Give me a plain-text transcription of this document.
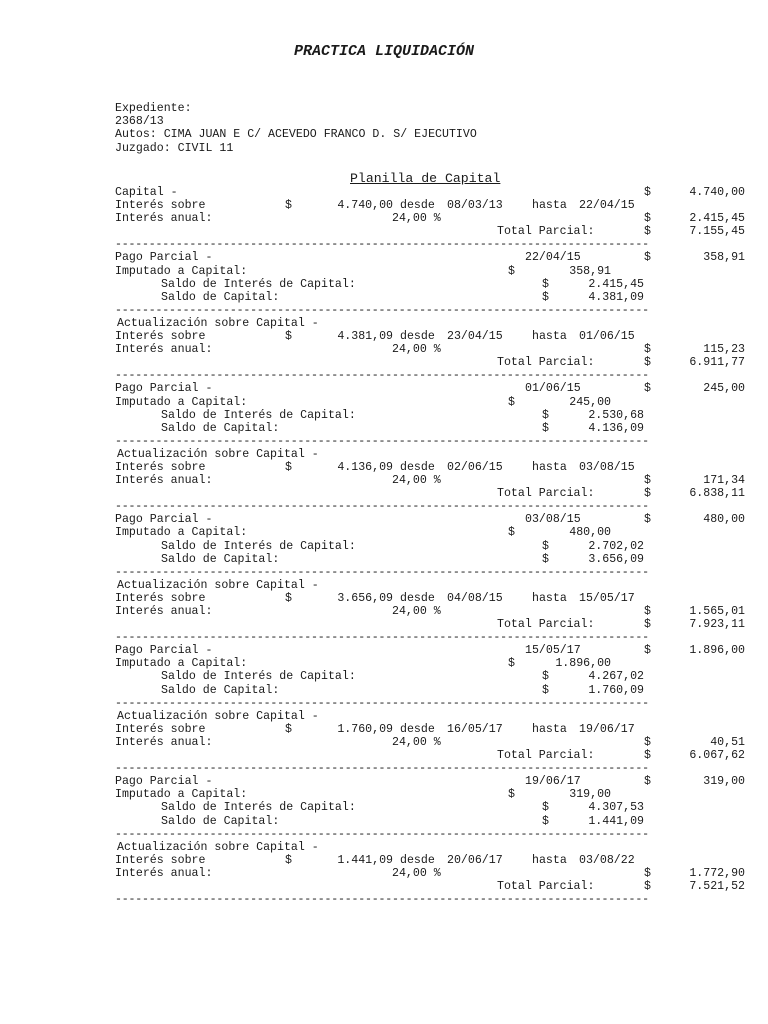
PRACTICA LIQUIDACIÓN
Expediente:
2368/13
Autos: CIMA JUAN E C/ ACEVEDO FRANCO D. S/ EJECUTIVO
Juzgado: CIVIL 11
Planilla de Capital
Capital -	$	4.740,00
Interés sobre	$	4.740,00 desde 08/03/13	hasta 22/04/15
Interés anual:	24,00 %	$	2.415,45
Total Parcial:	$	7.155,45
-------------------------------------------------------------------------------
Pago Parcial -	22/04/15	$	358,91
Imputado a Capital:	$	358,91
Saldo de Interés de Capital:	$	2.415,45
Saldo de Capital:	$	4.381,09
-------------------------------------------------------------------------------
Actualización sobre Capital -
Interés sobre	$	4.381,09 desde 23/04/15	hasta 01/06/15
Interés anual:	24,00 %	$	115,23
Total Parcial:	$	6.911,77
-------------------------------------------------------------------------------
Pago Parcial -	01/06/15	$	245,00
Imputado a Capital:	$	245,00
Saldo de Interés de Capital:	$	2.530,68
Saldo de Capital:	$	4.136,09
-------------------------------------------------------------------------------
Actualización sobre Capital -
Interés sobre	$	4.136,09 desde 02/06/15	hasta 03/08/15
Interés anual:	24,00 %	$	171,34
Total Parcial:	$	6.838,11
-------------------------------------------------------------------------------
Pago Parcial -	03/08/15	$	480,00
Imputado a Capital:	$	480,00
Saldo de Interés de Capital:	$	2.702,02
Saldo de Capital:	$	3.656,09
-------------------------------------------------------------------------------
Actualización sobre Capital -
Interés sobre	$	3.656,09 desde 04/08/15	hasta 15/05/17
Interés anual:	24,00 %	$	1.565,01
Total Parcial:	$	7.923,11
-------------------------------------------------------------------------------
Pago Parcial -	15/05/17	$	1.896,00
Imputado a Capital:	$	1.896,00
Saldo de Interés de Capital:	$	4.267,02
Saldo de Capital:	$	1.760,09
-------------------------------------------------------------------------------
Actualización sobre Capital -
Interés sobre	$	1.760,09 desde 16/05/17	hasta 19/06/17
Interés anual:	24,00 %	$	40,51
Total Parcial:	$	6.067,62
-------------------------------------------------------------------------------
Pago Parcial -	19/06/17	$	319,00
Imputado a Capital:	$	319,00
Saldo de Interés de Capital:	$	4.307,53
Saldo de Capital:	$	1.441,09
-------------------------------------------------------------------------------
Actualización sobre Capital -
Interés sobre	$	1.441,09 desde 20/06/17	hasta 03/08/22
Interés anual:	24,00 %	$	1.772,90
Total Parcial:	$	7.521,52
-------------------------------------------------------------------------------
